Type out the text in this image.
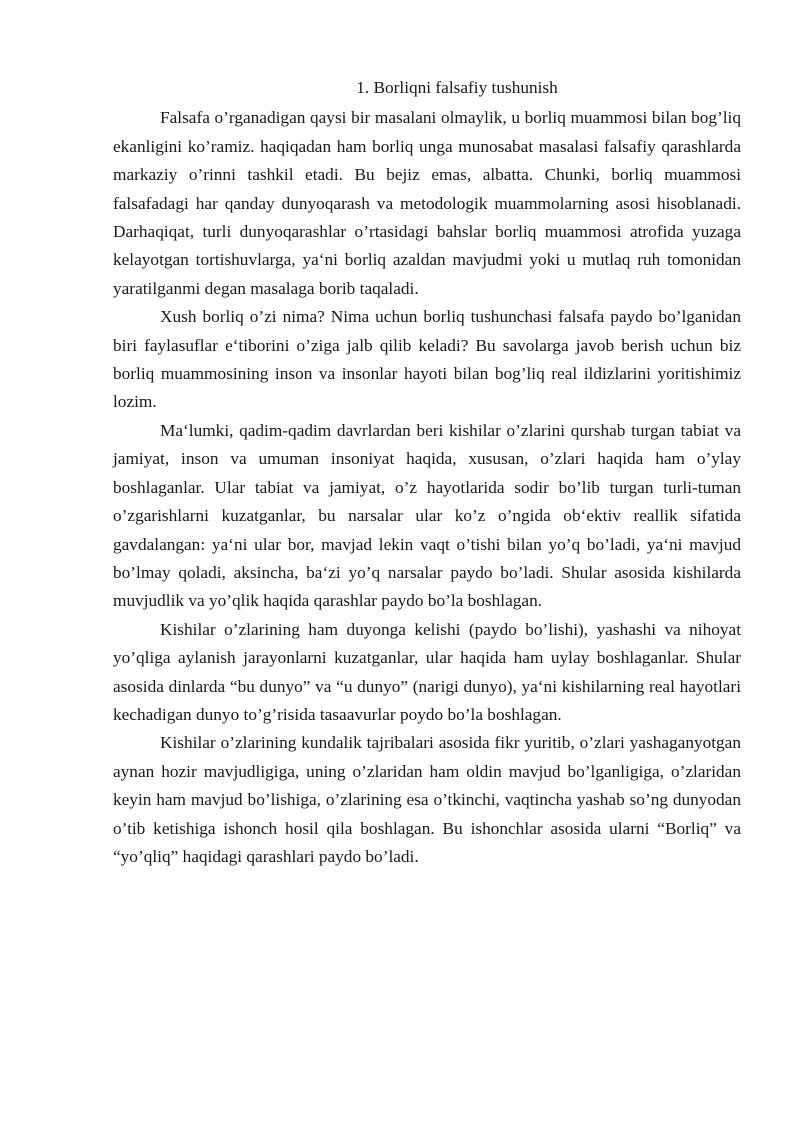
1. Borliqni falsafiy tushunish

Falsafa o’rganadigan qaysi bir masalani olmaylik, u borliq muammosi bilan bog’liq ekanligini ko’ramiz. haqiqadan ham borliq unga munosabat masalasi falsafiy qarashlarda markaziy o’rinni tashkil etadi. Bu bejiz emas, albatta. Chunki, borliq muammosi falsafadagi har qanday dunyoqarash va metodologik muammolarning asosi hisoblanadi. Darhaqiqat, turli dunyoqarashlar o’rtasidagi bahslar borliq muammosi atrofida yuzaga kelayotgan tortishuvlarga, ya‘ni borliq azaldan mavjudmi yoki u mutlaq ruh tomonidan yaratilganmi degan masalaga borib taqaladi.

Xush borliq o’zi nima? Nima uchun borliq tushunchasi falsafa paydo bo’lganidan biri faylasuflar e‘tiborini o’ziga jalb qilib keladi? Bu savolarga javob berish uchun biz borliq muammosining inson va insonlar hayoti bilan bog’liq real ildizlarini yoritishimiz lozim.

Ma‘lumki, qadim-qadim davrlardan beri kishilar o’zlarini qurshab turgan tabiat va jamiyat, inson va umuman insoniyat haqida, xususan, o’zlari haqida ham o’ylay boshlaganlar. Ular tabiat va jamiyat, o’z hayotlarida sodir bo’lib turgan turli-tuman o’zgarishlarni kuzatganlar, bu narsalar ular ko’z o’ngida ob‘ektiv reallik sifatida gavdalangan: ya‘ni ular bor, mavjad lekin vaqt o’tishi bilan yo’q bo’ladi, ya‘ni mavjud bo’lmay qoladi, aksincha, ba‘zi yo’q narsalar paydo bo’ladi. Shular asosida kishilarda muvjudlik va yo’qlik haqida qarashlar paydo bo’la boshlagan.

Kishilar o’zlarining ham duyonga kelishi (paydo bo’lishi), yashashi va nihoyat yo’qliga aylanish jarayonlarni kuzatganlar, ular haqida ham uylay boshlaganlar. Shular asosida dinlarda “bu dunyo” va “u dunyo” (narigi dunyo), ya‘ni kishilarning real hayotlari kechadigan dunyo to’g’risida tasaavurlar poydo bo’la boshlagan.

Kishilar o’zlarining kundalik tajribalari asosida fikr yuritib, o’zlari yashaganyotgan aynan hozir mavjudligiga, uning o’zlaridan ham oldin mavjud bo’lganligiga, o’zlaridan keyin ham mavjud bo’lishiga, o’zlarining esa o’tkinchi, vaqtincha yashab so’ng dunyodan o’tib ketishiga ishonch hosil qila boshlagan. Bu ishonchlar asosida ularni “Borliq” va “yo’qliq” haqidagi qarashlari paydo bo’ladi.
